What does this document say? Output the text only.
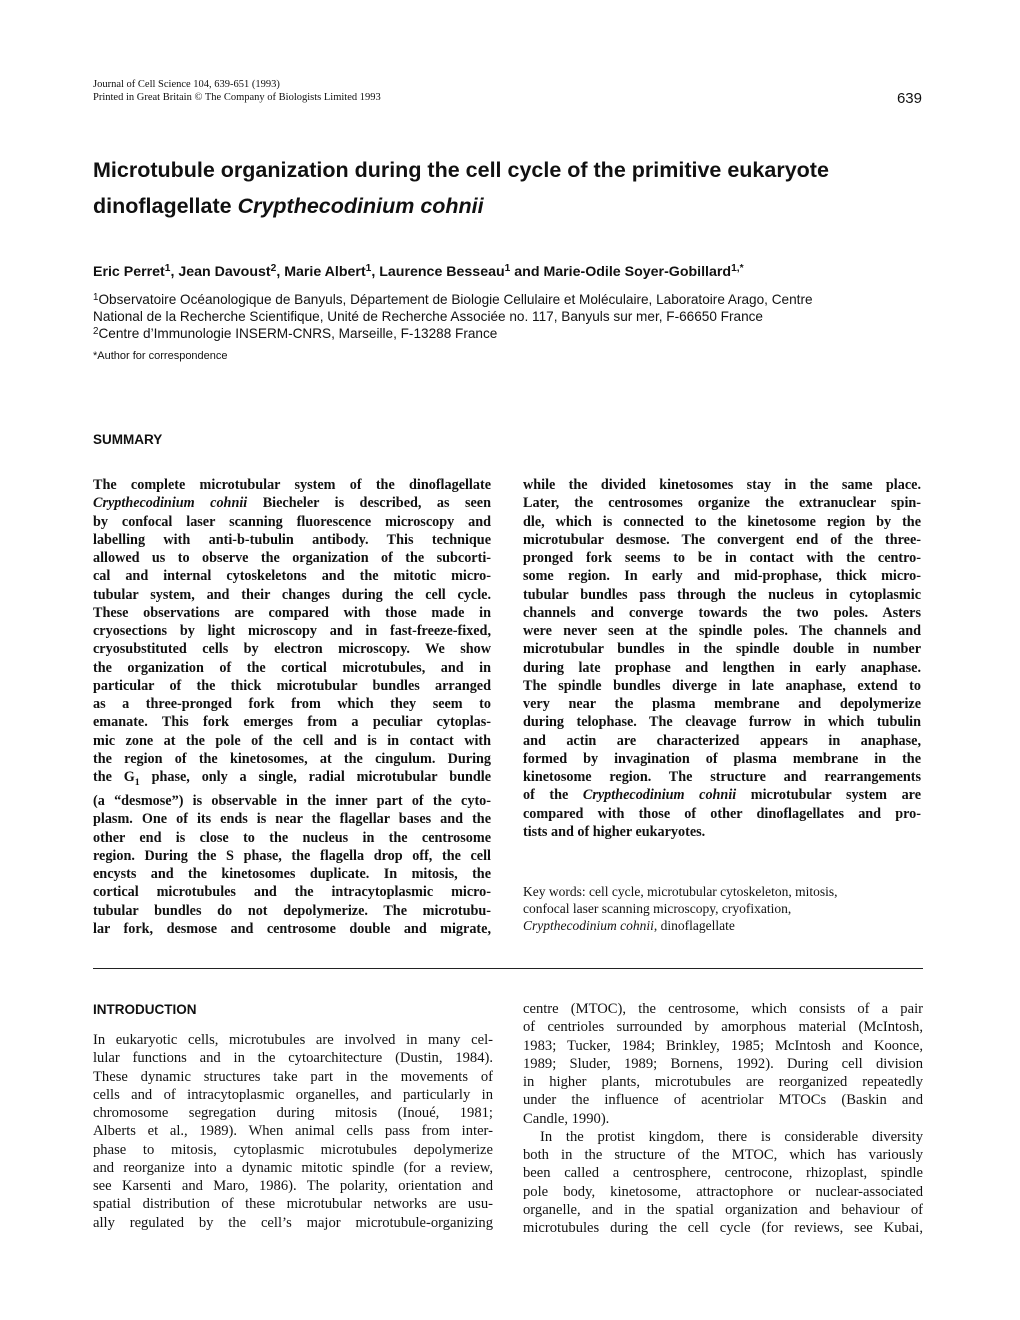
Journal of Cell Science 104, 639-651 (1993)
Printed in Great Britain © The Company of Biologists Limited 1993	639
Microtubule organization during the cell cycle of the primitive eukaryote
dinoflagellate Crypthecodinium cohnii
Eric Perret$^1$, Jean Davoust$^2$, Marie Albert$^1$, Laurence Besseau$^1$ and Marie-Odile Soyer-Gobillard$^{1,*}$
$^1$Observatoire Océanologique de Banyuls, Département de Biologie Cellulaire et Moléculaire, Laboratoire Arago, Centre
National de la Recherche Scientifique, Unité de Recherche Associée no. 117, Banyuls sur mer, F-66650 France
$^2$Centre d’Immunologie INSERM-CNRS, Marseille, F-13288 France
*Author for correspondence
SUMMARY
The complete microtubular system of the dinoflagellate
Crypthecodinium cohnii Biecheler is described, as seen
by confocal laser scanning fluorescence microscopy and
labelling with anti-b-tubulin antibody. This technique
allowed us to observe the organization of the subcorti-
cal and internal cytoskeletons and the mitotic micro-
tubular system, and their changes during the cell cycle.
These observations are compared with those made in
cryosections by light microscopy and in fast-freeze-fixed,
cryosubstituted cells by electron microscopy. We show
the organization of the cortical microtubules, and in
particular of the thick microtubular bundles arranged
as a three-pronged fork from which they seem to
emanate. This fork emerges from a peculiar cytoplas-
mic zone at the pole of the cell and is in contact with
the region of the kinetosomes, at the cingulum. During
the $G_1$ phase, only a single, radial microtubular bundle
(a “desmose”) is observable in the inner part of the cyto-
plasm. One of its ends is near the flagellar bases and the
other end is close to the nucleus in the centrosome
region. During the S phase, the flagella drop off, the cell
encysts and the kinetosomes duplicate. In mitosis, the
cortical microtubules and the intracytoplasmic micro-
tubular bundles do not depolymerize. The microtubu-
lar fork, desmose and centrosome double and migrate,
while the divided kinetosomes stay in the same place.
Later, the centrosomes organize the extranuclear spin-
dle, which is connected to the kinetosome region by the
microtubular desmose. The convergent end of the three-
pronged fork seems to be in contact with the centro-
some region. In early and mid-prophase, thick micro-
tubular bundles pass through the nucleus in cytoplasmic
channels and converge towards the two poles. Asters
were never seen at the spindle poles. The channels and
microtubular bundles in the spindle double in number
during late prophase and lengthen in early anaphase.
The spindle bundles diverge in late anaphase, extend to
very near the plasma membrane and depolymerize
during telophase. The cleavage furrow in which tubulin
and actin are characterized appears in anaphase,
formed by invagination of plasma membrane in the
kinetosome region. The structure and rearrangements
of the Crypthecodinium cohnii microtubular system are
compared with those of other dinoflagellates and pro-
tists and of higher eukaryotes.
Key words: cell cycle, microtubular cytoskeleton, mitosis,
confocal laser scanning microscopy, cryofixation,
Crypthecodinium cohnii, dinoflagellate
INTRODUCTION
In eukaryotic cells, microtubules are involved in many cel-
lular functions and in the cytoarchitecture (Dustin, 1984).
These dynamic structures take part in the movements of
cells and of intracytoplasmic organelles, and particularly in
chromosome segregation during mitosis (Inoué, 1981;
Alberts et al., 1989). When animal cells pass from inter-
phase to mitosis, cytoplasmic microtubules depolymerize
and reorganize into a dynamic mitotic spindle (for a review,
see Karsenti and Maro, 1986). The polarity, orientation and
spatial distribution of these microtubular networks are usu-
ally regulated by the cell’s major microtubule-organizing
centre (MTOC), the centrosome, which consists of a pair
of centrioles surrounded by amorphous material (McIntosh,
1983; Tucker, 1984; Brinkley, 1985; McIntosh and Koonce,
1989; Sluder, 1989; Bornens, 1992). During cell division
in higher plants, microtubules are reorganized repeatedly
under the influence of acentriolar MTOCs (Baskin and
Candle, 1990).
In the protist kingdom, there is considerable diversity
both in the structure of the MTOC, which has variously
been called a centrosphere, centrocone, rhizoplast, spindle
pole body, kinetosome, attractophore or nuclear-associated
organelle, and in the spatial organization and behaviour of
microtubules during the cell cycle (for reviews, see Kubai,
